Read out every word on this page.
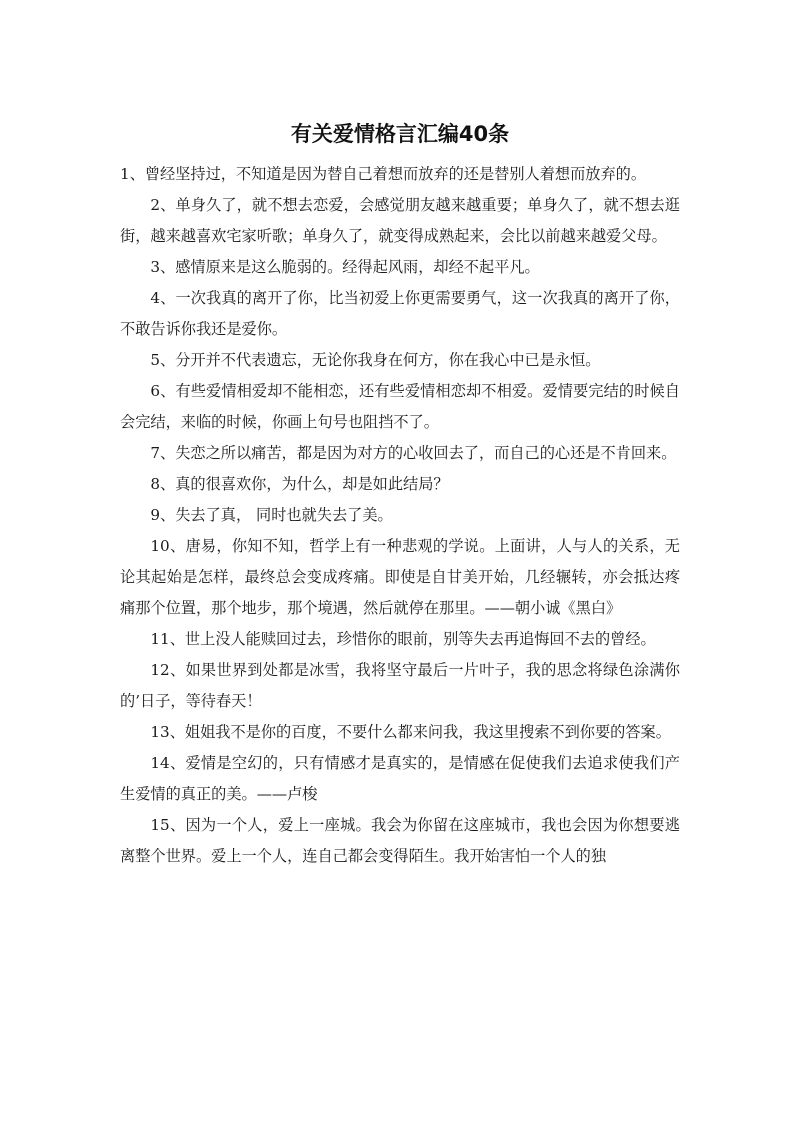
有关爱情格言汇编40条

1、曾经坚持过，不知道是因为替自己着想而放弃的还是替别人着想而放弃的。

2、单身久了，就不想去恋爱，会感觉朋友越来越重要；单身久了，就不想去逛街，越来越喜欢宅家听歌；单身久了，就变得成熟起来，会比以前越来越爱父母。

3、感情原来是这么脆弱的。经得起风雨，却经不起平凡。

4、一次我真的离开了你，比当初爱上你更需要勇气，这一次我真的离开了你，不敢告诉你我还是爱你。

5、分开并不代表遗忘，无论你我身在何方，你在我心中已是永恒。

6、有些爱情相爱却不能相恋，还有些爱情相恋却不相爱。爱情要完结的时候自会完结，来临的时候，你画上句号也阻挡不了。

7、失恋之所以痛苦，都是因为对方的心收回去了，而自己的心还是不肯回来。

8、真的很喜欢你，为什么，却是如此结局？

9、失去了真， 同时也就失去了美。

10、唐易，你知不知，哲学上有一种悲观的学说。上面讲，人与人的关系，无论其起始是怎样，最终总会变成疼痛。即使是自甘美开始，几经辗转，亦会抵达疼痛那个位置，那个地步，那个境遇，然后就停在那里。——朝小诚《黑白》

11、世上没人能赎回过去，珍惜你的眼前，别等失去再追悔回不去的曾经。

12、如果世界到处都是冰雪，我将坚守最后一片叶子，我的思念将绿色涂满你的’日子，等待春天！

13、姐姐我不是你的百度，不要什么都来问我，我这里搜索不到你要的答案。

14、爱情是空幻的，只有情感才是真实的，是情感在促使我们去追求使我们产生爱情的真正的美。——卢梭

15、因为一个人，爱上一座城。我会为你留在这座城市，我也会因为你想要逃离整个世界。爱上一个人，连自己都会变得陌生。我开始害怕一个人的独
